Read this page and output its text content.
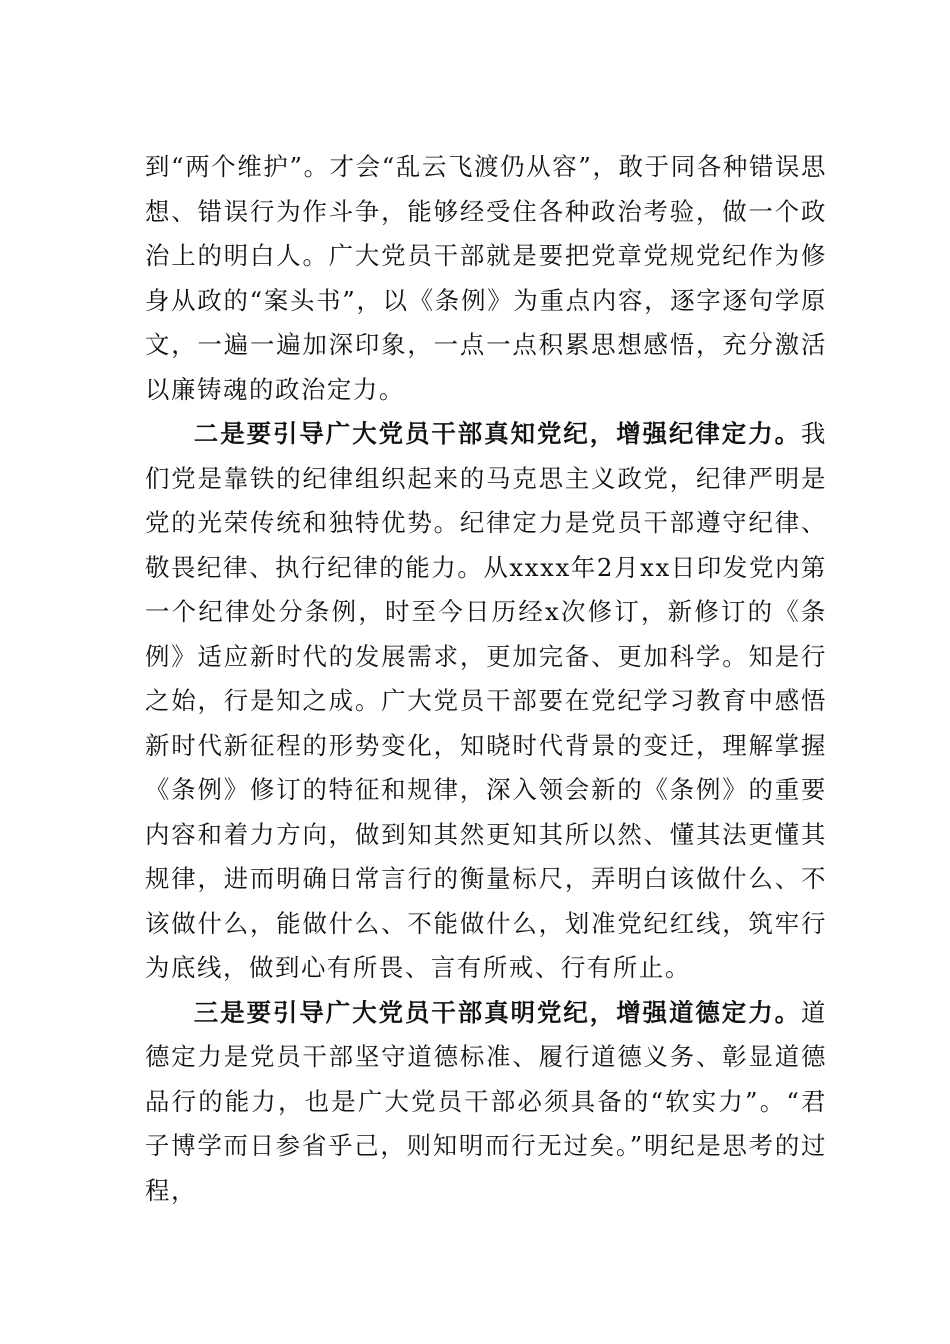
到“两个维护”。才会“乱云飞渡仍从容”，敢于同各种错误思想、错误行为作斗争，能够经受住各种政治考验，做一个政治上的明白人。广大党员干部就是要把党章党规党纪作为修身从政的“案头书”，以《条例》为重点内容，逐字逐句学原文，一遍一遍加深印象，一点一点积累思想感悟，充分激活以廉铸魂的政治定力。

二是要引导广大党员干部真知党纪，增强纪律定力。我们党是靠铁的纪律组织起来的马克思主义政党，纪律严明是党的光荣传统和独特优势。纪律定力是党员干部遵守纪律、敬畏纪律、执行纪律的能力。从xxxx年2月xx日印发党内第一个纪律处分条例，时至今日历经x次修订，新修订的《条例》适应新时代的发展需求，更加完备、更加科学。知是行之始，行是知之成。广大党员干部要在党纪学习教育中感悟新时代新征程的形势变化，知晓时代背景的变迁，理解掌握《条例》修订的特征和规律，深入领会新的《条例》的重要内容和着力方向，做到知其然更知其所以然、懂其法更懂其规律，进而明确日常言行的衡量标尺，弄明白该做什么、不该做什么，能做什么、不能做什么，划准党纪红线，筑牢行为底线，做到心有所畏、言有所戒、行有所止。

三是要引导广大党员干部真明党纪，增强道德定力。道德定力是党员干部坚守道德标准、履行道德义务、彰显道德品行的能力，也是广大党员干部必须具备的“软实力”。“君子博学而日参省乎己，则知明而行无过矣。”明纪是思考的过程，
